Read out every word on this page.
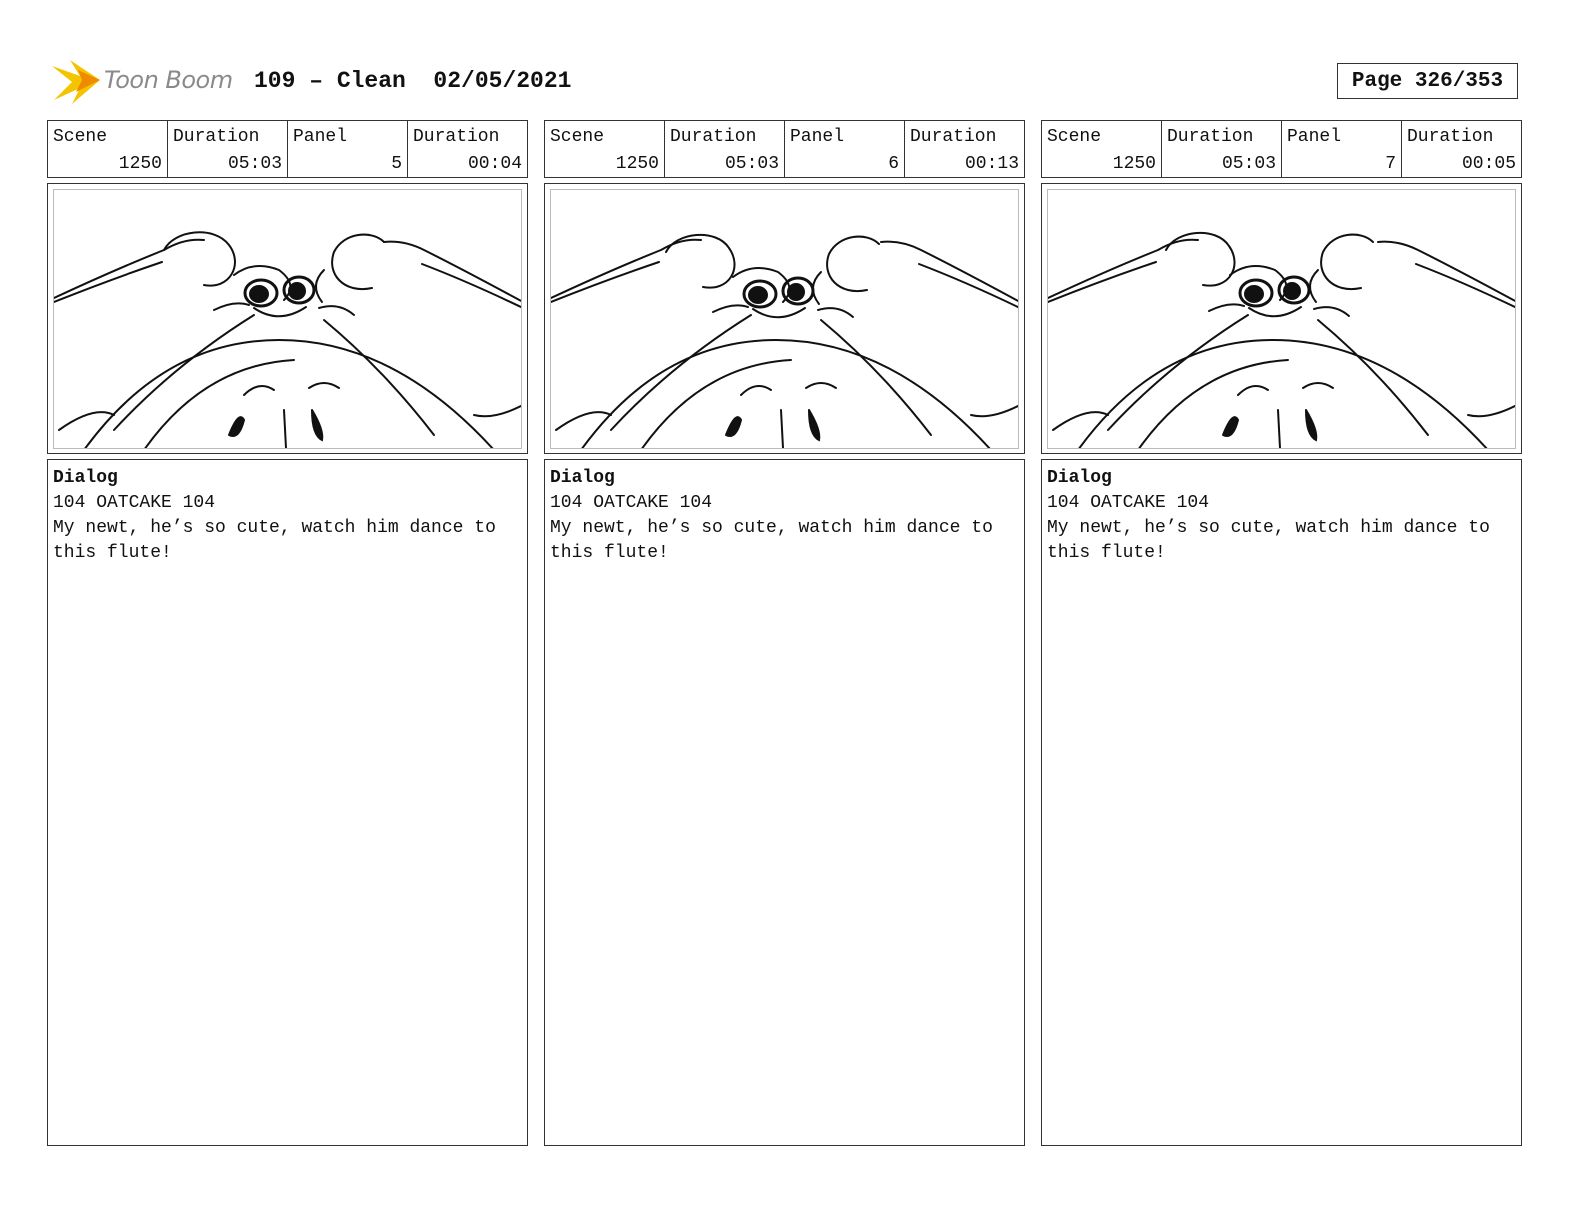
Toon Boom 109 – Clean  02/05/2021	Page 326/353
Scene
1250
Duration
05:03
Panel
5
Duration
00:04
Dialog
104 OATCAKE 104
My newt, he’s so cute, watch him dance to this flute!
Scene
1250
Duration
05:03
Panel
6
Duration
00:13
Dialog
104 OATCAKE 104
My newt, he’s so cute, watch him dance to this flute!
Scene
1250
Duration
05:03
Panel
7
Duration
00:05
Dialog
104 OATCAKE 104
My newt, he’s so cute, watch him dance to this flute!
